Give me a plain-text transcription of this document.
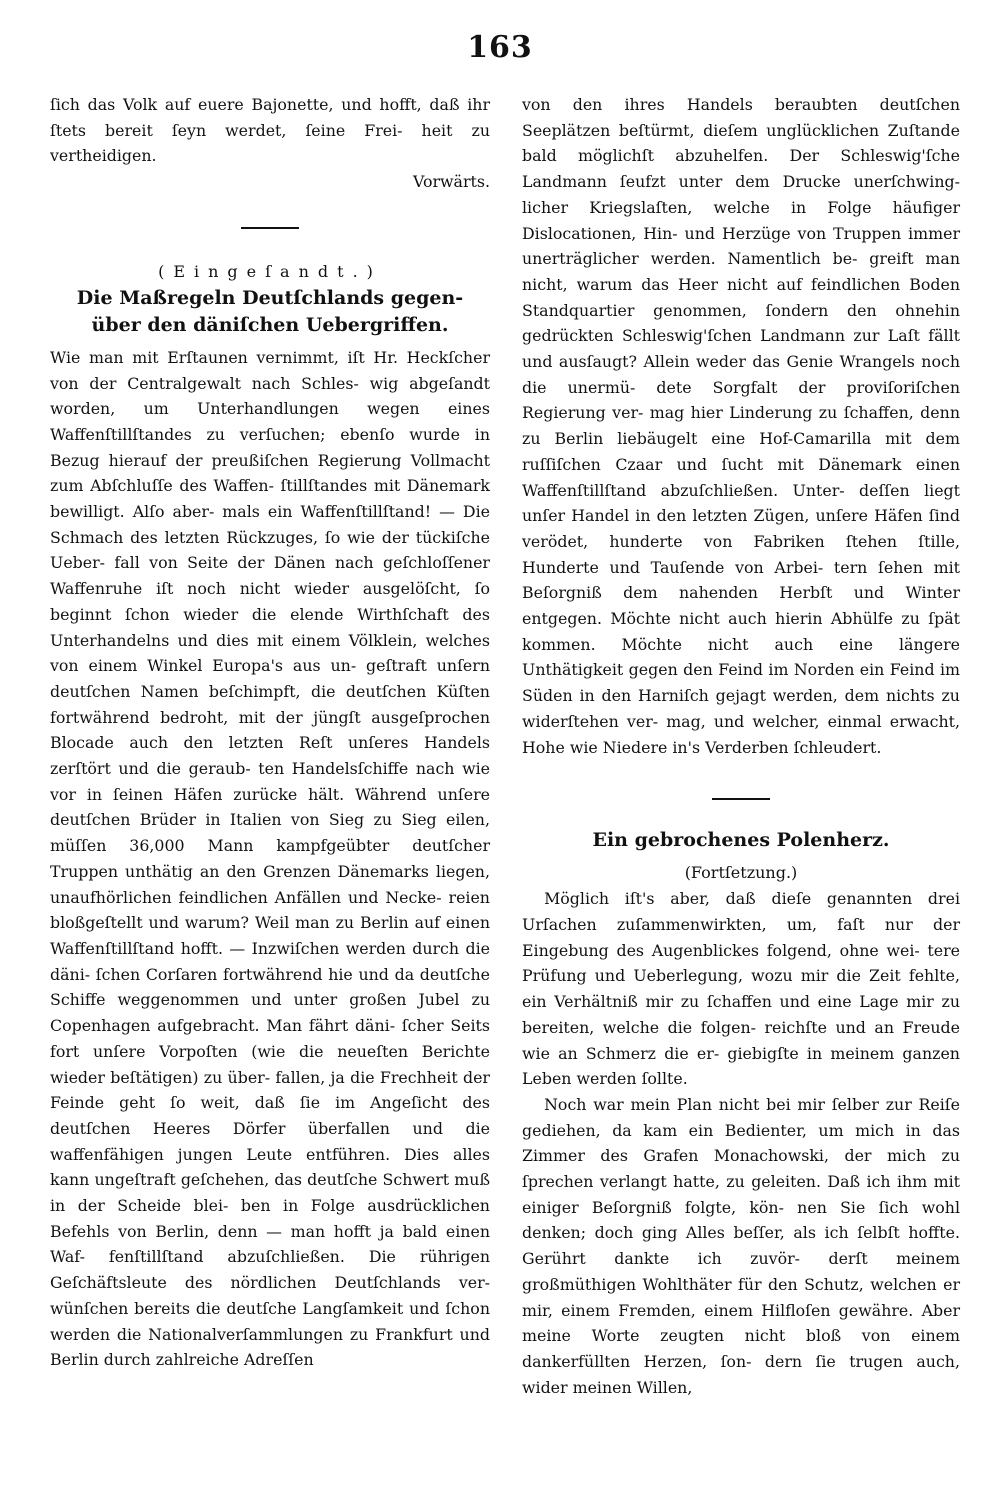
163

ſich das Volk auf euere Bajonette, und hofft, daß ihr ſtets bereit ſeyn werdet, ſeine Frei- heit zu vertheidigen.

Vorwärts.

(Eingeſandt.)
Die Maßregeln Deutſchlands gegen-
über den däniſchen Uebergriffen.

Wie man mit Erſtaunen vernimmt, iſt Hr. Heckſcher von der Centralgewalt nach Schles- wig abgeſandt worden, um Unterhandlungen wegen eines Waffenſtillſtandes zu verſuchen; ebenſo wurde in Bezug hierauf der preußiſchen Regierung Vollmacht zum Abſchluſſe des Waffen- ſtillſtandes mit Dänemark bewilligt. Alſo aber- mals ein Waffenſtillſtand! — Die Schmach des letzten Rückzuges, ſo wie der tückiſche Ueber- fall von Seite der Dänen nach geſchloſſener Waffenruhe iſt noch nicht wieder ausgelöſcht, ſo beginnt ſchon wieder die elende Wirthſchaft des Unterhandelns und dies mit einem Völklein, welches von einem Winkel Europa's aus un- geſtraft unſern deutſchen Namen beſchimpft, die deutſchen Küſten fortwährend bedroht, mit der jüngſt ausgeſprochen Blocade auch den letzten Reſt unſeres Handels zerſtört und die geraub- ten Handelsſchiffe nach wie vor in ſeinen Häfen zurücke hält. Während unſere deutſchen Brüder in Italien von Sieg zu Sieg eilen, müſſen 36,000 Mann kampfgeübter deutſcher Truppen unthätig an den Grenzen Dänemarks liegen, unaufhörlichen feindlichen Anfällen und Necke- reien bloßgeſtellt und warum? Weil man zu Berlin auf einen Waffenſtillſtand hofft. — Inzwiſchen werden durch die däni- ſchen Corſaren fortwährend hie und da deutſche Schiffe weggenommen und unter großen Jubel zu Copenhagen aufgebracht. Man fährt däni- ſcher Seits fort unſere Vorpoſten (wie die neueſten Berichte wieder beſtätigen) zu über- fallen, ja die Frechheit der Feinde geht ſo weit, daß ſie im Angeſicht des deutſchen Heeres Dörfer überfallen und die waffenfähigen jungen Leute entführen. Dies alles kann ungeſtraft geſchehen, das deutſche Schwert muß in der Scheide blei- ben in Folge ausdrücklichen Befehls von Berlin, denn — man hofft ja bald einen Waf- fenſtillſtand abzuſchließen. Die rührigen Geſchäftsleute des nördlichen Deutſchlands ver- wünſchen bereits die deutſche Langſamkeit und ſchon werden die Nationalverſammlungen zu Frankfurt und Berlin durch zahlreiche Adreſſen

von den ihres Handels beraubten deutſchen Seeplätzen beſtürmt, dieſem unglücklichen Zuſtande bald möglichſt abzuhelfen. Der Schleswig'ſche Landmann ſeufzt unter dem Drucke unerſchwing- licher Kriegslaſten, welche in Folge häufiger Dislocationen, Hin- und Herzüge von Truppen immer unerträglicher werden. Namentlich be- greift man nicht, warum das Heer nicht auf feindlichen Boden Standquartier genommen, ſondern den ohnehin gedrückten Schleswig'ſchen Landmann zur Laſt fällt und ausſaugt? Allein weder das Genie Wrangels noch die unermü- dete Sorgfalt der proviſoriſchen Regierung ver- mag hier Linderung zu ſchaffen, denn zu Berlin liebäugelt eine Hof-Camarilla mit dem ruſſiſchen Czaar und ſucht mit Dänemark einen Waffenſtillſtand abzuſchließen. Unter- deſſen liegt unſer Handel in den letzten Zügen, unſere Häfen ſind verödet, hunderte von Fabriken ſtehen ſtille, Hunderte und Tauſende von Arbei- tern ſehen mit Beſorgniß dem nahenden Herbſt und Winter entgegen. Möchte nicht auch hierin Abhülfe zu ſpät kommen. Möchte nicht auch eine längere Unthätigkeit gegen den Feind im Norden ein Feind im Süden in den Harniſch gejagt werden, dem nichts zu widerſtehen ver- mag, und welcher, einmal erwacht, Hohe wie Niedere in's Verderben ſchleudert.

Ein gebrochenes Polenherz.
(Fortſetzung.)

Möglich iſt's aber, daß dieſe genannten drei Urſachen zuſammenwirkten, um, faſt nur der Eingebung des Augenblickes folgend, ohne wei- tere Prüfung und Ueberlegung, wozu mir die Zeit fehlte, ein Verhältniß mir zu ſchaffen und eine Lage mir zu bereiten, welche die folgen- reichſte und an Freude wie an Schmerz die er- giebigſte in meinem ganzen Leben werden ſollte.

Noch war mein Plan nicht bei mir ſelber zur Reiſe gediehen, da kam ein Bedienter, um mich in das Zimmer des Grafen Monachowski, der mich zu ſprechen verlangt hatte, zu geleiten. Daß ich ihm mit einiger Beſorgniß folgte, kön- nen Sie ſich wohl denken; doch ging Alles beſſer, als ich ſelbſt hoffte. Gerührt dankte ich zuvör- derſt meinem großmüthigen Wohlthäter für den Schutz, welchen er mir, einem Fremden, einem Hilfloſen gewähre. Aber meine Worte zeugten nicht bloß von einem dankerfüllten Herzen, ſon- dern ſie trugen auch, wider meinen Willen,
